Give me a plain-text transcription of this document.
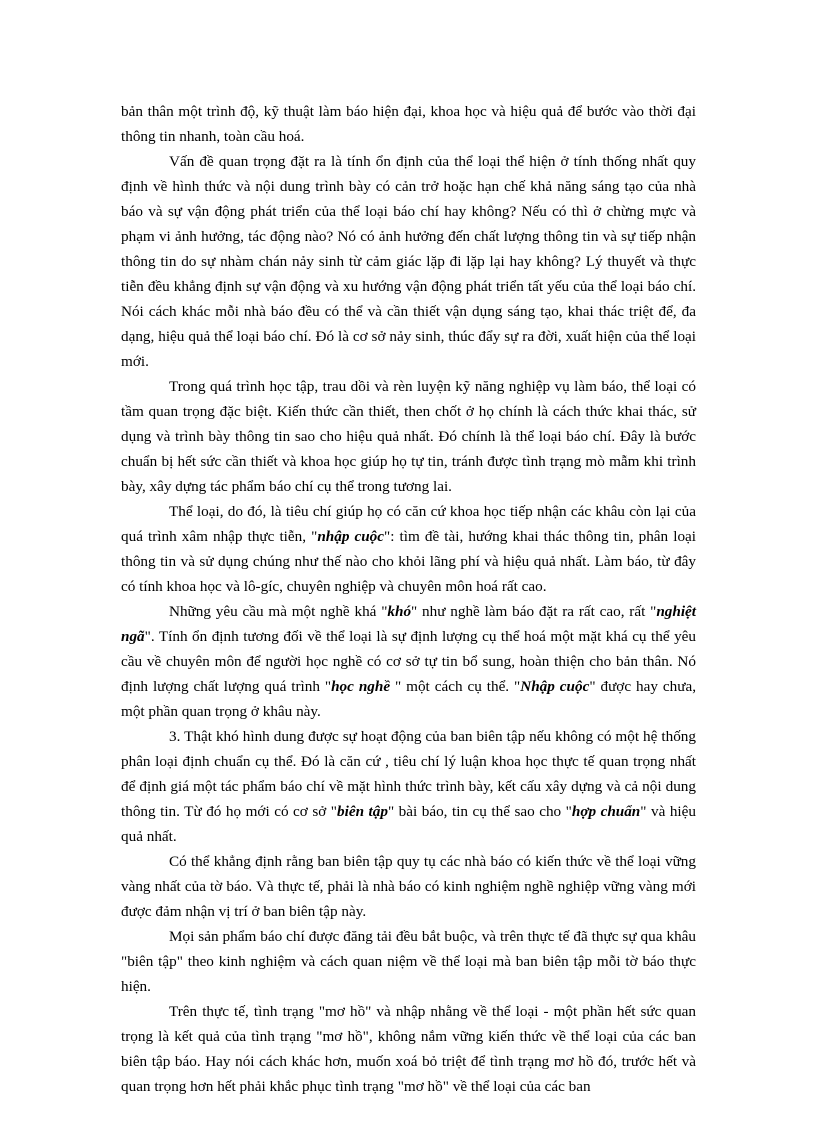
bản thân một trình độ, kỹ thuật làm báo hiện đại, khoa học và hiệu quả để bước vào thời đại thông tin nhanh, toàn cầu hoá.

Vấn đề quan trọng đặt ra là tính ổn định của thể loại thể hiện ở tính thống nhất quy định về hình thức và nội dung trình bày có cản trở hoặc hạn chế khả năng sáng tạo của nhà báo và sự vận động phát triển của thể loại báo chí hay không? Nếu có thì ở chừng mực và phạm vi ảnh hưởng, tác động nào? Nó có ảnh hưởng đến chất lượng thông tin và sự tiếp nhận thông tin do sự nhàm chán nảy sinh từ cảm giác lặp đi lặp lại hay không? Lý thuyết và thực tiễn đều khẳng định sự vận động và xu hướng vận động phát triển tất yếu của thể loại báo chí. Nói cách khác mỗi nhà báo đều có thể và cần thiết vận dụng sáng tạo, khai thác triệt để, đa dạng, hiệu quả thể loại báo chí. Đó là cơ sở nảy sinh, thúc đẩy sự ra đời, xuất hiện của thể loại mới.

Trong quá trình học tập, trau dồi và rèn luyện kỹ năng nghiệp vụ làm báo, thể loại có tầm quan trọng đặc biệt. Kiến thức cần thiết, then chốt ở họ chính là cách thức khai thác, sử dụng và trình bày thông tin sao cho hiệu quả nhất. Đó chính là thể loại báo chí. Đây là bước chuẩn bị hết sức cần thiết và khoa học giúp họ tự tin, tránh được tình trạng mò mẫm khi trình bày, xây dựng tác phẩm báo chí cụ thể trong tương lai.

Thể loại, do đó, là tiêu chí giúp họ có căn cứ khoa học tiếp nhận các khâu còn lại của quá trình xâm nhập thực tiễn, "nhập cuộc": tìm đề tài, hướng khai thác thông tin, phân loại thông tin và sử dụng chúng như thế nào cho khỏi lãng phí và hiệu quả nhất. Làm báo, từ đây có tính khoa học và lô-gíc, chuyên nghiệp và chuyên môn hoá rất cao.

Những yêu cầu mà một nghề khá "khó" như nghề làm báo đặt ra rất cao, rất "nghiệt ngã". Tính ổn định tương đối về thể loại là sự định lượng cụ thể hoá một mặt khá cụ thể yêu cầu về chuyên môn để người học nghề có cơ sở tự tin bổ sung, hoàn thiện cho bản thân. Nó định lượng chất lượng quá trình "học nghề " một cách cụ thể. "Nhập cuộc" được hay chưa, một phần quan trọng ở khâu này.

3. Thật khó hình dung được sự hoạt động của ban biên tập nếu không có một hệ thống phân loại định chuẩn cụ thể. Đó là căn cứ , tiêu chí lý luận khoa học thực tế quan trọng nhất để định giá một tác phẩm báo chí về mặt hình thức trình bày, kết cấu xây dựng và cả nội dung thông tin. Từ đó họ mới có cơ sở "biên tập" bài báo, tin cụ thể sao cho "hợp chuẩn" và hiệu quả nhất.

Có thể khẳng định rằng ban biên tập quy tụ các nhà báo có kiến thức về thể loại vững vàng nhất của tờ báo. Và thực tế, phải là nhà báo có kinh nghiệm nghề nghiệp vững vàng mới được đảm nhận vị trí ở ban biên tập này.

Mọi sản phẩm báo chí được đăng tải đều bắt buộc, và trên thực tế đã thực sự qua khâu "biên tập" theo kinh nghiệm và cách quan niệm về thể loại mà ban biên tập mỗi tờ báo thực hiện.

Trên thực tế, tình trạng "mơ hồ" và nhập nhằng về thể loại - một phần hết sức quan trọng là kết quả của tình trạng "mơ hồ", không nắm vững kiến thức về thể loại của các ban biên tập báo. Hay nói cách khác hơn, muốn xoá bỏ triệt để tình trạng mơ hồ đó, trước hết và quan trọng hơn hết phải khắc phục tình trạng "mơ hồ" về thể loại của các ban
